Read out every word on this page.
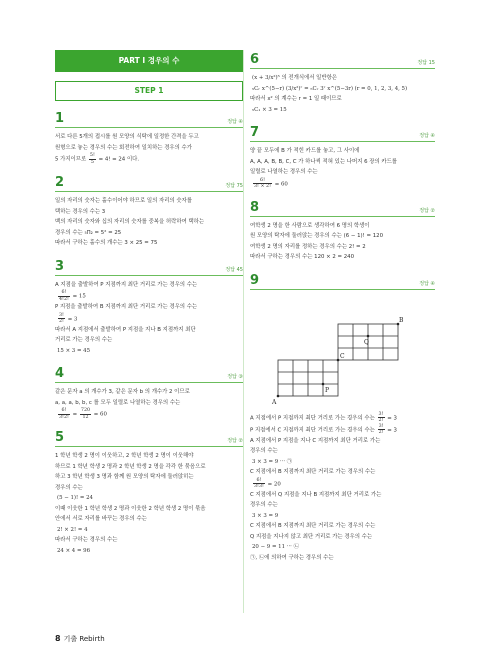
PART I 경우의 수
STEP 1
1	정답 ④

서로 다른 5개의 접시를 원 모양의 식탁에 일정한 간격을 두고

원형으로 놓는 경우의 수는 회전하여 일치하는 경우의 수가

5 가지이므로 $\frac{5!}{5} = 4$! = 24 이다.

2	정답 75

일의 자리의 숫자는 홀수이어야 하므로 일의 자리의 숫자를

택하는 경우의 수는 3

백의 자리의 숫자와 십의 자리의 숫자를 중복을 허락하여 택하는

경우의 수는 ₅Π₂ = 5² = 25

따라서 구하는 홀수의 개수는 3 × 25 = 75

3	정답 45

A 지점을 출발하여 P 지점까지 최단 거리로 가는 경우의 수는

$\frac{6!}{4!2!} = 15$

P 지점을 출발하여 B 지점까지 최단 거리로 가는 경우의 수는

$\frac{3!}{2!} = 3$

따라서 A 지점에서 출발하여 P 지점을 지나 B 지점까지 최단

거리로 가는 경우의 수는

15 × 3 = 45

4	정답 ③

같은 문자 a 의 개수가 3, 같은 문자 b 의 개수가 2 이므로

a, a, a, b, b, c 를 모두 일렬로 나열하는 경우의 수는

$\frac{6!}{3!2!} = \frac{720}{12} = 60$

5	정답 ②

1 학년 학생 2 명이 이웃하고, 2 학년 학생 2 명이 이웃해야

하므로 1 학년 학생 2 명과 2 학년 학생 2 명을 각각 한 묶음으로

하고 3 학년 학생 3 명과 함께 원 모양의 탁자에 둘러앉히는

경우의 수는

(5 − 1)! = 24

이때 이웃한 1 학년 학생 2 명과 이웃한 2 학년 학생 2 명이 묶음

안에서 서로 자리를 바꾸는 경우의 수는

2! × 2! = 4

따라서 구하는 경우의 수는

24 × 4 = 96

6	정답 15

(x + 3/x²)⁵ 의 전개식에서 일반항은

₅Cᵣ x^(5−r) (3/x²)ʳ = ₅Cᵣ 3ʳ x^(5−3r) (r = 0, 1, 2, 3, 4, 5)

따라서 x² 의 계수는 r = 1 일 때이므로

₅C₁ × 3 = 15

7	정답 ④

양 끝 모두에 B 가 적힌 카드를 놓고, 그 사이에

A, A, A, B, B, C, C 가 하나씩 적혀 있는 나머지 6 장의 카드를

일렬로 나열하는 경우의 수는

$\frac{6!}{3! \times 2!} = 60$

8	정답 ②

여학생 2 명을 한 사람으로 생각하여 6 명의 학생이

원 모양의 탁자에 둘러앉는 경우의 수는 (6 − 1)! = 120

여학생 2 명의 자리를 정하는 경우의 수는 2! = 2

따라서 구하는 경우의 수는 120 × 2 = 240

9	정답 ④
A
P
C
Q
B

A 지점에서 P 지점까지 최단 거리로 가는 경우의 수는 $\frac{3!}{2!} = 3$

P 지점에서 C 지점까지 최단 거리로 가는 경우의 수는 $\frac{3!}{2!} = 3$

A 지점에서 P 지점을 지나 C 지점까지 최단 거리로 가는

경우의 수는

3 × 3 = 9 ··· ㉠

C 지점에서 B 지점까지 최단 거리로 가는 경우의 수는

$\frac{6!}{3!3!} = 20$

C 지점에서 Q 지점을 지나 B 지점까지 최단 거리로 가는

경우의 수는

3 × 3 = 9

C 지점에서 B 지점까지 최단 거리로 가는 경우의 수는

Q 지점을 지나지 않고 최단 거리로 가는 경우의 수는

20 − 9 = 11 ··· ㉡

㉠, ㉡에 의하여 구하는 경우의 수는

8 기출 Rebirth
